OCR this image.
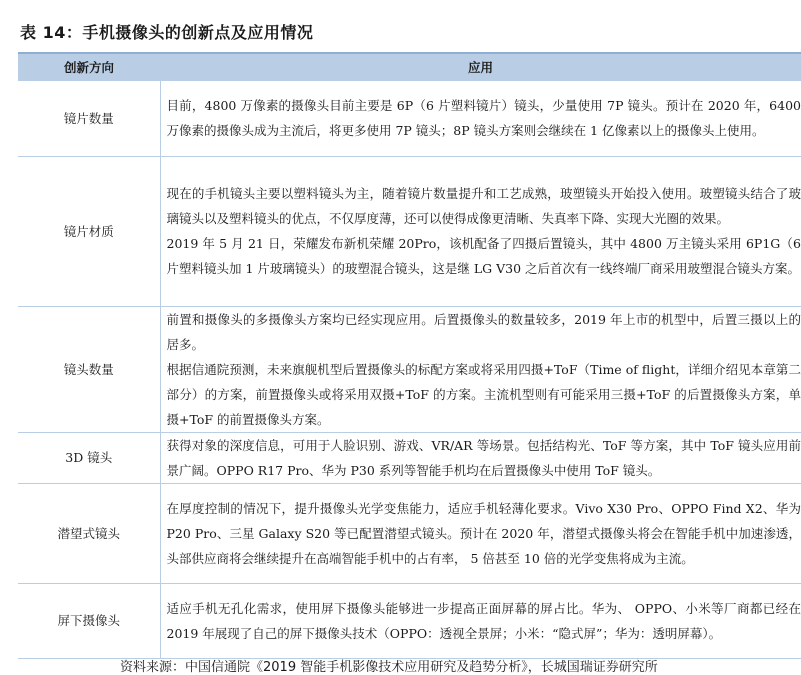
表 14：手机摄像头的创新点及应用情况
创新方向	应用
镜片数量	目前，4800 万像素的摄像头目前主要是 6P（6 片塑料镜片）镜头，少量使用 7P 镜头。预计在 2020 年，6400 万像素的摄像头成为主流后，将更多使用 7P 镜头；8P 镜头方案则会继续在 1 亿像素以上的摄像头上使用。

镜片材质	现在的手机镜头主要以塑料镜头为主，随着镜片数量提升和工艺成熟，玻塑镜头开始投入使用。玻塑镜头结合了玻璃镜头以及塑料镜头的优点，不仅厚度薄，还可以使得成像更清晰、失真率下降、实现大光圈的效果。
2019 年 5 月 21 日，荣耀发布新机荣耀 20Pro，该机配备了四摄后置镜头，其中 4800 万主镜头采用 6P1G（6 片塑料镜头加 1 片玻璃镜头）的玻塑混合镜头，这是继 LG V30 之后首次有一线终端厂商采用玻塑混合镜头方案。

镜头数量	前置和摄像头的多摄像头方案均已经实现应用。后置摄像头的数量较多，2019 年上市的机型中，后置三摄以上的居多。
根据信通院预测，未来旗舰机型后置摄像头的标配方案或将采用四摄+ToF（Time of flight，详细介绍见本章第二部分）的方案，前置摄像头或将采用双摄+ToF 的方案。主流机型则有可能采用三摄+ToF 的后置摄像头方案，单摄+ToF 的前置摄像头方案。

3D 镜头	获得对象的深度信息，可用于人脸识别、游戏、VR/AR 等场景。包括结构光、ToF 等方案，其中 ToF 镜头应用前景广阔。OPPO R17 Pro、华为 P30 系列等智能手机均在后置摄像头中使用 ToF 镜头。

潜望式镜头	在厚度控制的情况下，提升摄像头光学变焦能力，适应手机轻薄化要求。Vivo X30 Pro、OPPO Find X2、华为 P20 Pro、三星 Galaxy S20 等已配置潜望式镜头。预计在 2020 年，潜望式摄像头将会在智能手机中加速渗透，头部供应商将会继续提升在高端智能手机中的占有率， 5 倍甚至 10 倍的光学变焦将成为主流。

屏下摄像头	适应手机无孔化需求，使用屏下摄像头能够进一步提高正面屏幕的屏占比。华为、 OPPO、小米等厂商都已经在 2019 年展现了自己的屏下摄像头技术（OPPO：透视全景屏；小米：“隐式屏”；华为：透明屏幕）。
资料来源：中国信通院《2019 智能手机影像技术应用研究及趋势分析》，长城国瑞证券研究所
